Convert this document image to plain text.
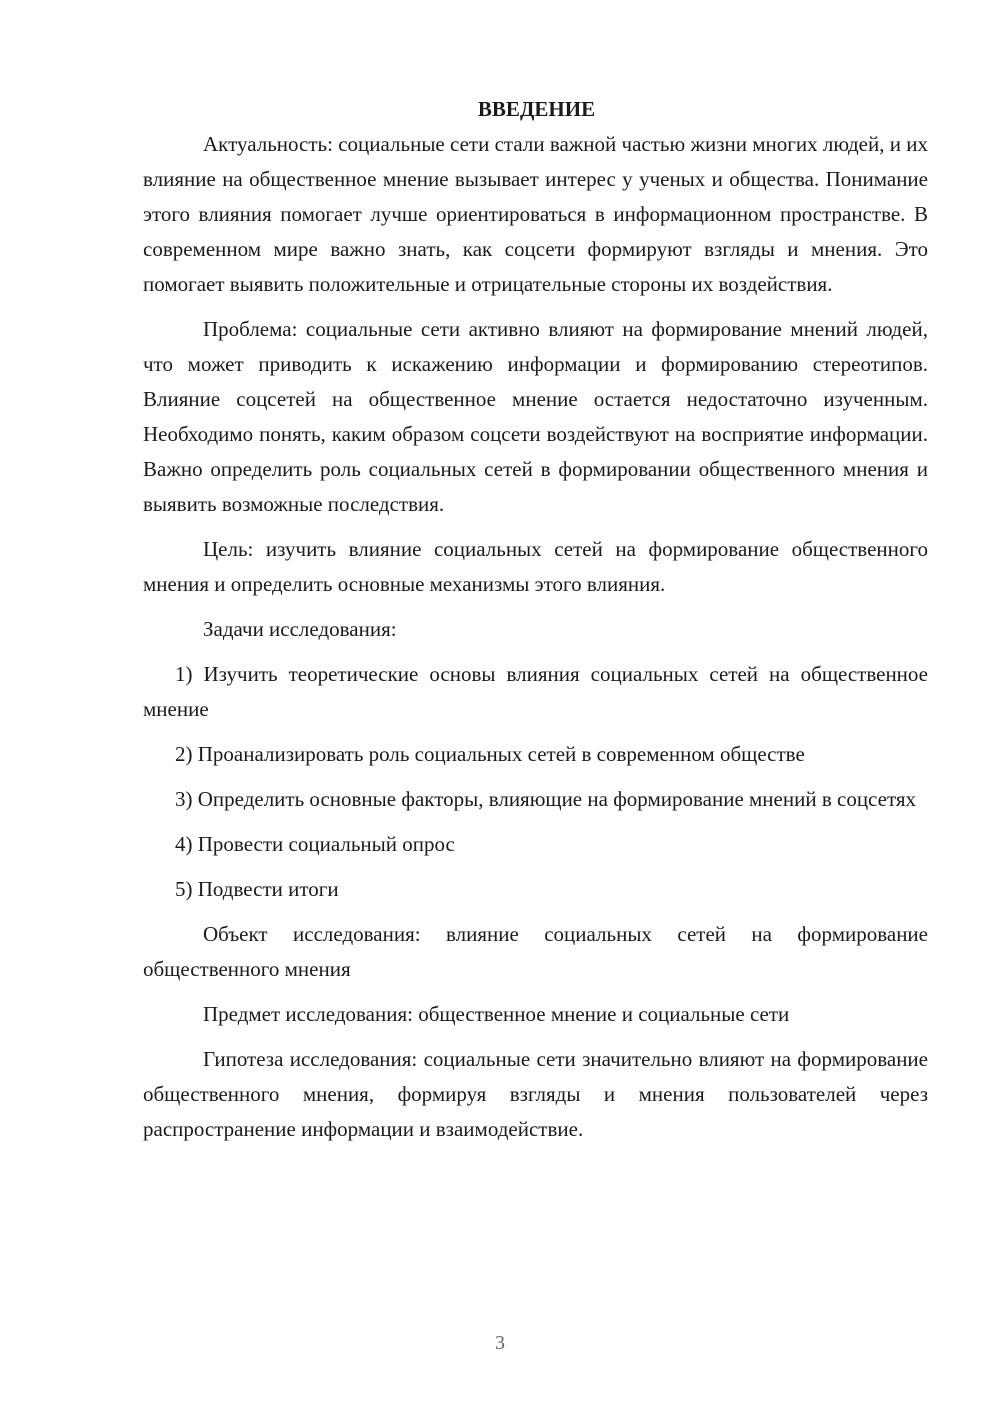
ВВЕДЕНИЕ

Актуальность: социальные сети стали важной частью жизни многих людей, и их влияние на общественное мнение вызывает интерес у ученых и общества. Понимание этого влияния помогает лучше ориентироваться в информационном пространстве. В современном мире важно знать, как соцсети формируют взгляды и мнения. Это помогает выявить положительные и отрицательные стороны их воздействия.

Проблема: социальные сети активно влияют на формирование мнений людей, что может приводить к искажению информации и формированию стереотипов. Влияние соцсетей на общественное мнение остается недостаточно изученным. Необходимо понять, каким образом соцсети воздействуют на восприятие информации. Важно определить роль социальных сетей в формировании общественного мнения и выявить возможные последствия.

Цель: изучить влияние социальных сетей на формирование общественного мнения и определить основные механизмы этого влияния.

Задачи исследования:

1) Изучить теоретические основы влияния социальных сетей на общественное мнение

2) Проанализировать роль социальных сетей в современном обществе

3) Определить основные факторы, влияющие на формирование мнений в соцсетях

4) Провести социальный опрос

5) Подвести итоги

Объект исследования: влияние социальных сетей на формирование общественного мнения

Предмет исследования: общественное мнение и социальные сети

Гипотеза исследования: социальные сети значительно влияют на формирование общественного мнения, формируя взгляды и мнения пользователей через распространение информации и взаимодействие.

3
